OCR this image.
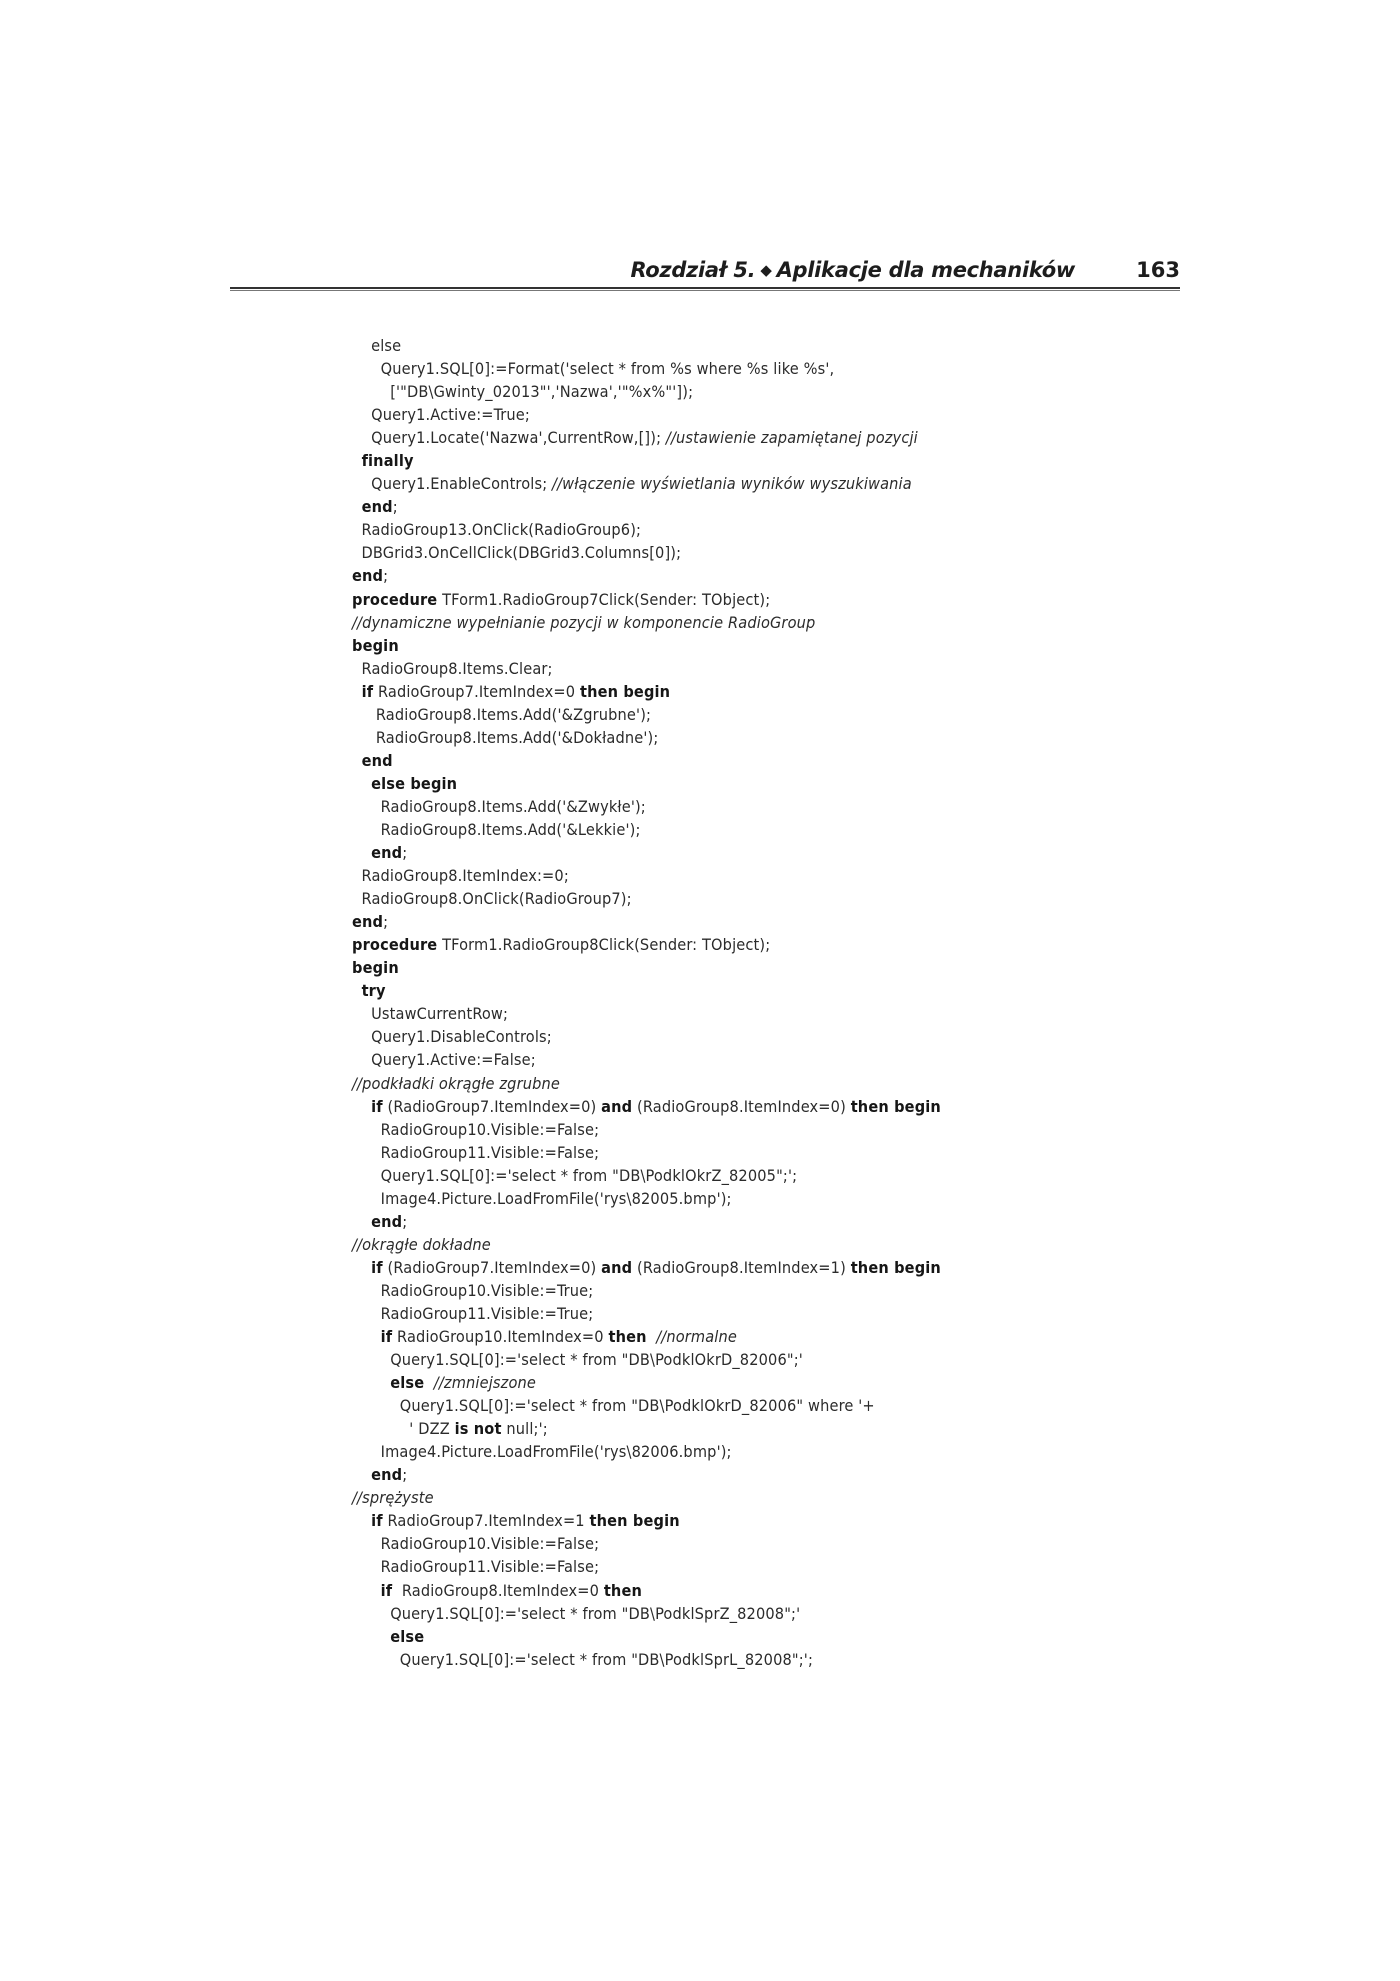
Rozdział 5. ◆ Aplikacje dla mechaników	163
else
Query1.SQL[0]:=Format('select * from %s where %s like %s',
['"DB\Gwinty_02013"','Nazwa','"%x%"']);
Query1.Active:=True;
Query1.Locate('Nazwa',CurrentRow,[]); //ustawienie zapamiętanej pozycji
finally
Query1.EnableControls; //włączenie wyświetlania wyników wyszukiwania
end;
RadioGroup13.OnClick(RadioGroup6);
DBGrid3.OnCellClick(DBGrid3.Columns[0]);
end;
procedure TForm1.RadioGroup7Click(Sender: TObject);
//dynamiczne wypełnianie pozycji w komponencie RadioGroup
begin
RadioGroup8.Items.Clear;
if RadioGroup7.ItemIndex=0 then begin
RadioGroup8.Items.Add('&Zgrubne');
RadioGroup8.Items.Add('&Dokładne');
end
else begin
RadioGroup8.Items.Add('&Zwykłe');
RadioGroup8.Items.Add('&Lekkie');
end;
RadioGroup8.ItemIndex:=0;
RadioGroup8.OnClick(RadioGroup7);
end;
procedure TForm1.RadioGroup8Click(Sender: TObject);
begin
try
UstawCurrentRow;
Query1.DisableControls;
Query1.Active:=False;
//podkładki okrągłe zgrubne
if (RadioGroup7.ItemIndex=0) and (RadioGroup8.ItemIndex=0) then begin
RadioGroup10.Visible:=False;
RadioGroup11.Visible:=False;
Query1.SQL[0]:='select * from "DB\PodklOkrZ_82005";';
Image4.Picture.LoadFromFile('rys\82005.bmp');
end;
//okrągłe dokładne
if (RadioGroup7.ItemIndex=0) and (RadioGroup8.ItemIndex=1) then begin
RadioGroup10.Visible:=True;
RadioGroup11.Visible:=True;
if RadioGroup10.ItemIndex=0 then //normalne
Query1.SQL[0]:='select * from "DB\PodklOkrD_82006";'
else //zmniejszone
Query1.SQL[0]:='select * from "DB\PodklOkrD_82006" where '+
' DZZ is not null;';
Image4.Picture.LoadFromFile('rys\82006.bmp');
end;
//sprężyste
if RadioGroup7.ItemIndex=1 then begin
RadioGroup10.Visible:=False;
RadioGroup11.Visible:=False;
if  RadioGroup8.ItemIndex=0 then
Query1.SQL[0]:='select * from "DB\PodklSprZ_82008";'
else
Query1.SQL[0]:='select * from "DB\PodklSprL_82008";';
